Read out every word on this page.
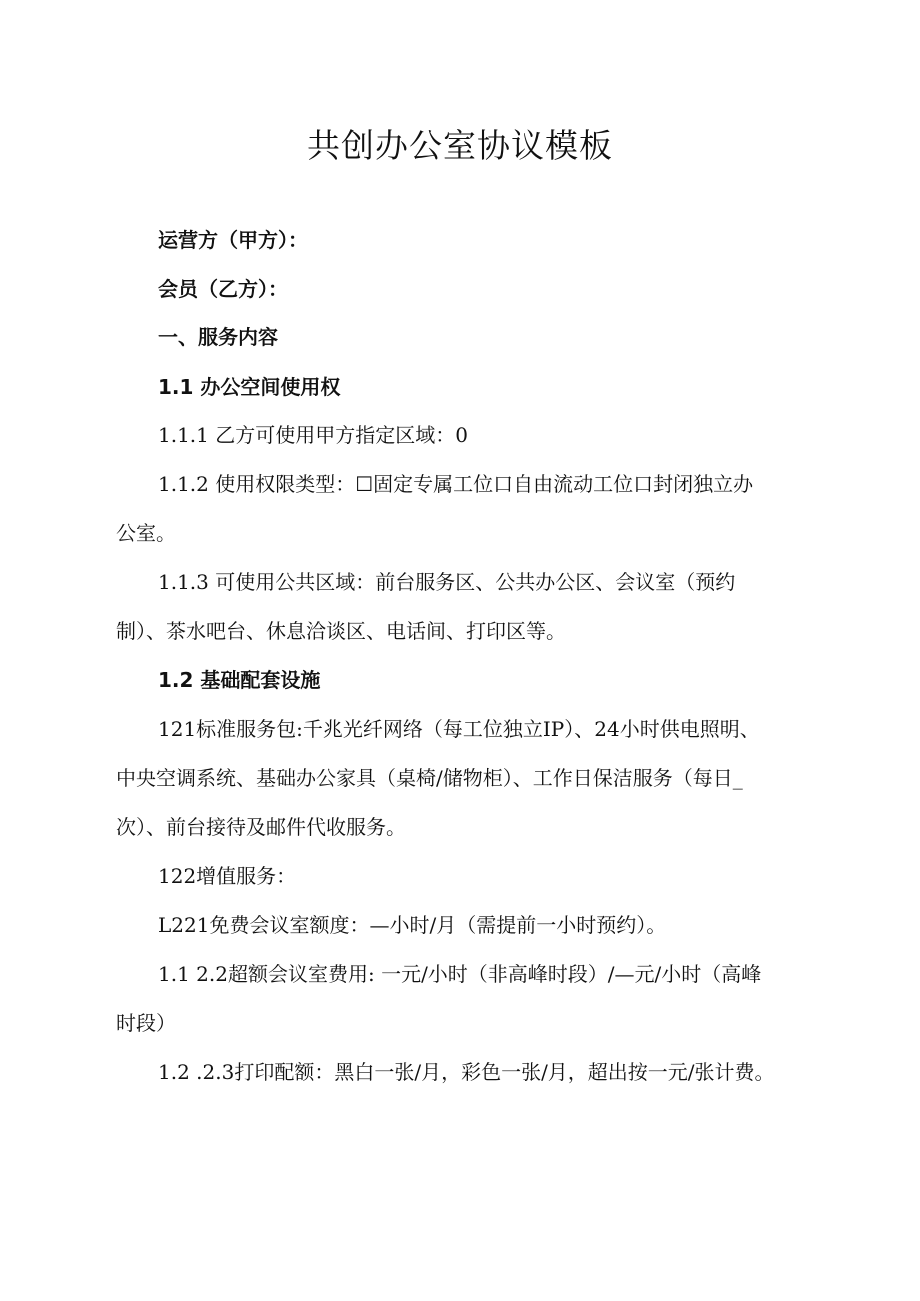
共创办公室协议模板
运营方（甲方）：
会员（乙方）：
一、服务内容
1.1 办公空间使用权
1.1.1 乙方可使用甲方指定区域：0
1.1.2 使用权限类型：☐固定专属工位口自由流动工位口封闭独立办
公室。
1.1.3 可使用公共区域：前台服务区、公共办公区、会议室（预约
制）、茶水吧台、休息洽谈区、电话间、打印区等。
1.2 基础配套设施
121标准服务包:千兆光纤网络（每工位独立IP）、24小时供电照明、
中央空调系统、基础办公家具（桌椅/储物柜）、工作日保洁服务（每日_
次）、前台接待及邮件代收服务。
122增值服务：
L221免费会议室额度：—小时/月（需提前一小时预约）。
1.1 2.2超额会议室费用: 一元/小时（非高峰时段）/—元/小时（高峰
时段）
1.2 .2.3打印配额：黑白一张/月，彩色一张/月，超出按一元/张计费。
